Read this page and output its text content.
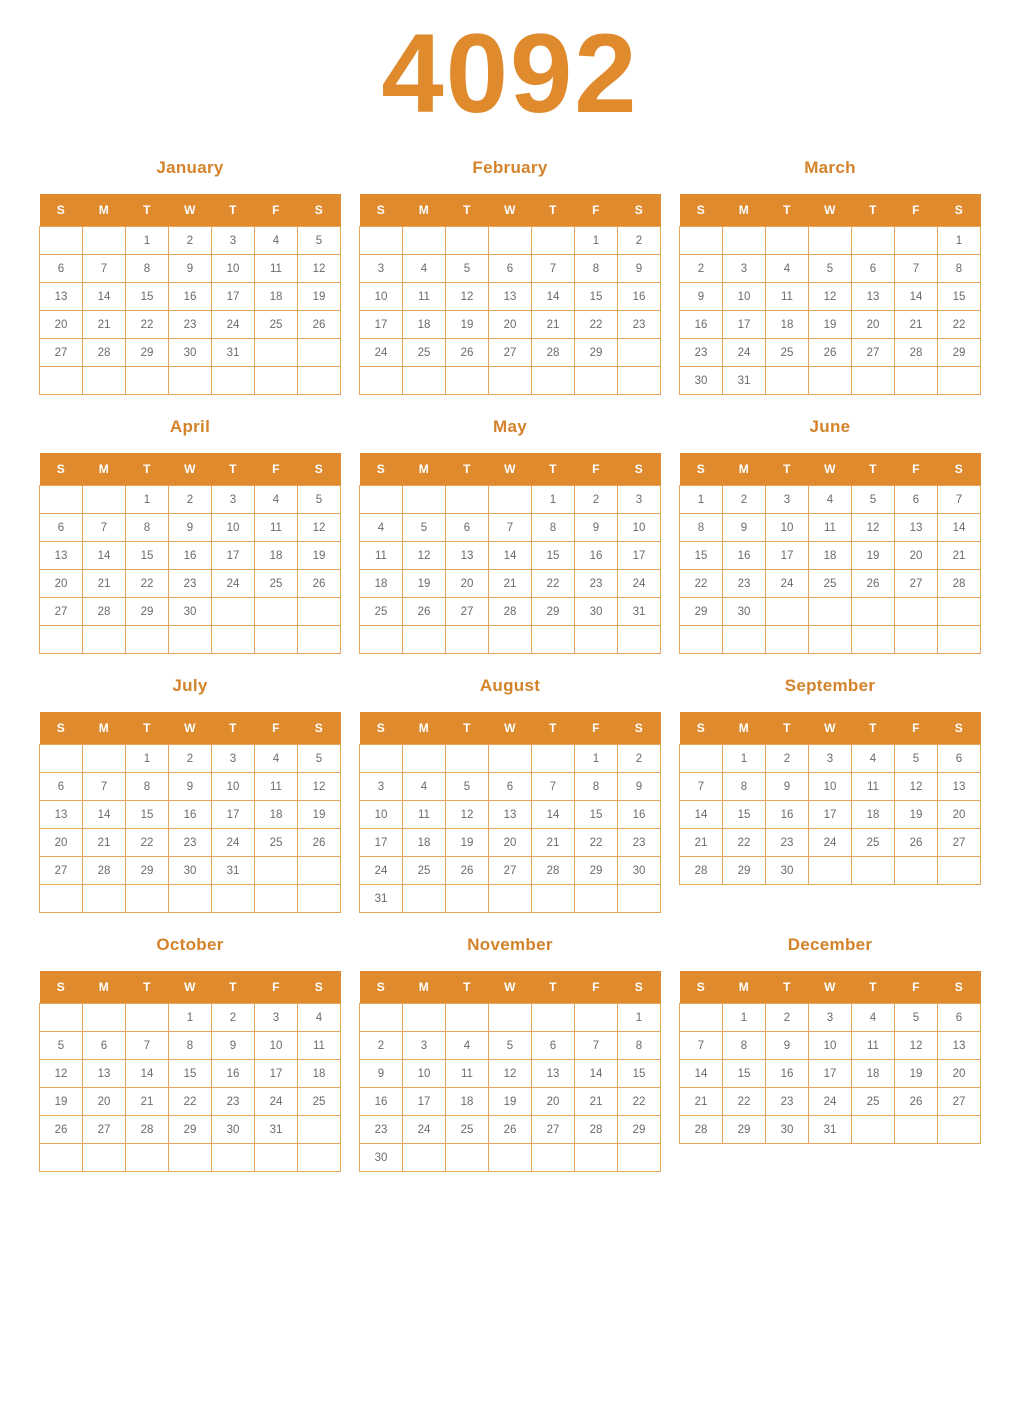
4092
January
S	M	T	W	T	F	S
		1	2	3	4	5
6	7	8	9	10	11	12
13	14	15	16	17	18	19
20	21	22	23	24	25	26
27	28	29	30	31		

February
S	M	T	W	T	F	S
					1	2
3	4	5	6	7	8	9
10	11	12	13	14	15	16
17	18	19	20	21	22	23
24	25	26	27	28	29	

March
S	M	T	W	T	F	S
						1
2	3	4	5	6	7	8
9	10	11	12	13	14	15
16	17	18	19	20	21	22
23	24	25	26	27	28	29
30	31					
April
S	M	T	W	T	F	S
		1	2	3	4	5
6	7	8	9	10	11	12
13	14	15	16	17	18	19
20	21	22	23	24	25	26
27	28	29	30			

May
S	M	T	W	T	F	S
				1	2	3
4	5	6	7	8	9	10
11	12	13	14	15	16	17
18	19	20	21	22	23	24
25	26	27	28	29	30	31

June
S	M	T	W	T	F	S
1	2	3	4	5	6	7
8	9	10	11	12	13	14
15	16	17	18	19	20	21
22	23	24	25	26	27	28
29	30					

July
S	M	T	W	T	F	S
		1	2	3	4	5
6	7	8	9	10	11	12
13	14	15	16	17	18	19
20	21	22	23	24	25	26
27	28	29	30	31		

August
S	M	T	W	T	F	S
					1	2
3	4	5	6	7	8	9
10	11	12	13	14	15	16
17	18	19	20	21	22	23
24	25	26	27	28	29	30
31						
September
S	M	T	W	T	F	S
	1	2	3	4	5	6
7	8	9	10	11	12	13
14	15	16	17	18	19	20
21	22	23	24	25	26	27
28	29	30				
October
S	M	T	W	T	F	S
			1	2	3	4
5	6	7	8	9	10	11
12	13	14	15	16	17	18
19	20	21	22	23	24	25
26	27	28	29	30	31	

November
S	M	T	W	T	F	S
						1
2	3	4	5	6	7	8
9	10	11	12	13	14	15
16	17	18	19	20	21	22
23	24	25	26	27	28	29
30						
December
S	M	T	W	T	F	S
	1	2	3	4	5	6
7	8	9	10	11	12	13
14	15	16	17	18	19	20
21	22	23	24	25	26	27
28	29	30	31			
